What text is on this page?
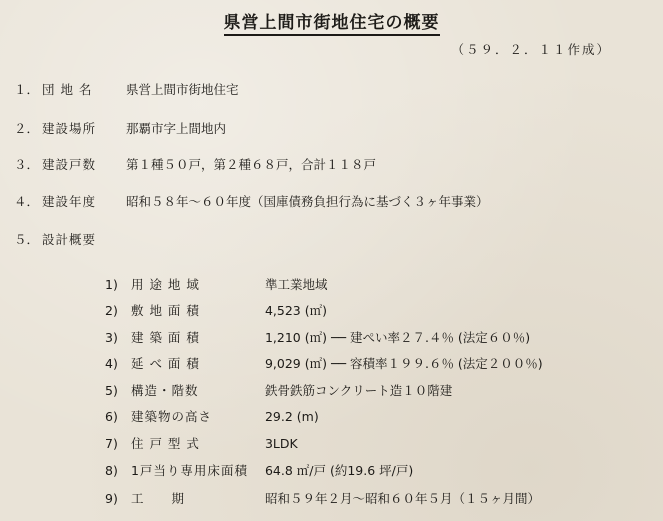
県営上間市街地住宅の概要
（５９．２．１１作成）
１． 団 地 名	県営上間市街地住宅
２． 建設場所 那覇市字上間地内
３． 建設戸数 第１種５０戸，第２種６８戸，合計１１８戸
４． 建設年度 昭和５８年～６０年度（国庫債務負担行為に基づく３ヶ年事業）
５． 設計概要
1) 用 途 地 域	準工業地域
2) 敷 地 面 積	4,523 (㎡)
3) 建 築 面 積	1,210 (㎡) ── 建ぺい率２７.４％ (法定６０％)
4) 延 べ 面 積	9,029 (㎡) ── 容積率１９９.６％ (法定２００％)
5) 構造・階数	鉄骨鉄筋コンクリート造１０階建
6) 建築物の高さ	29.2 (m)
7) 住 戸 型 式	3LDK
8) 1戸当り専用床面積 64.8 ㎡/戸 (約19.6 坪/戸)
9) 工　　期	昭和５９年２月～昭和６０年５月（１５ヶ月間）
